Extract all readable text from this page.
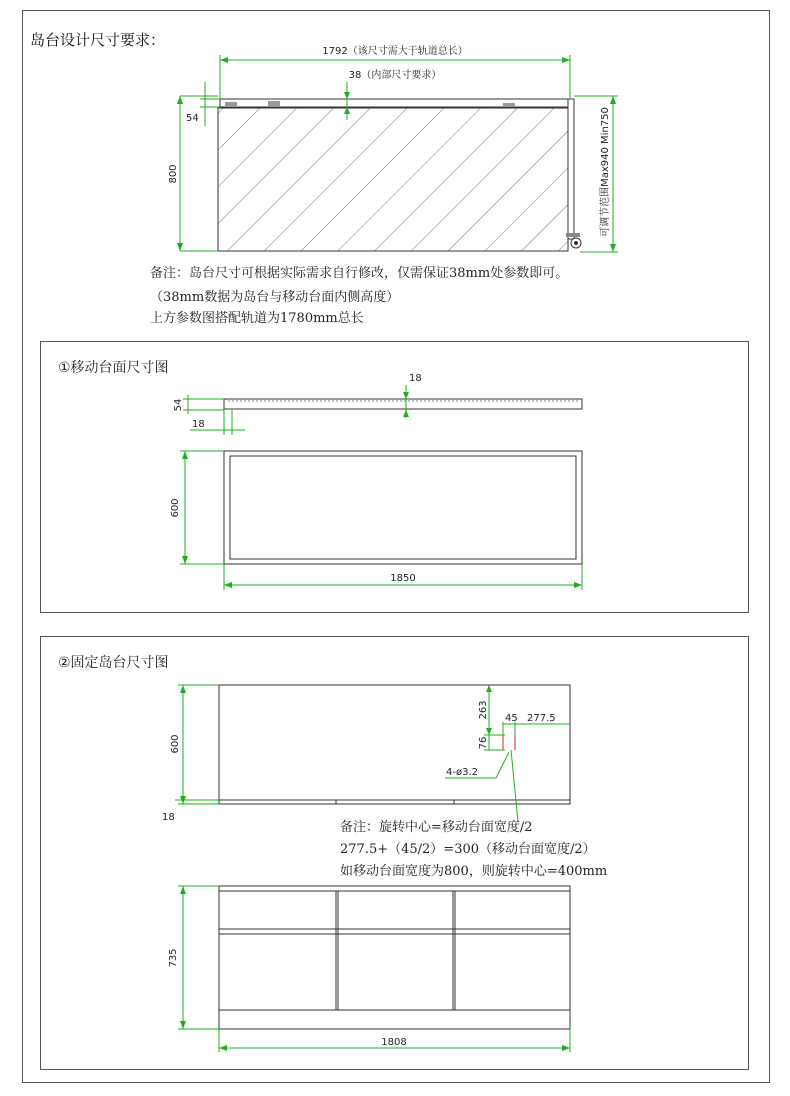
岛台设计尺寸要求：
1792（该尺寸需大于轨道总长）
38（内部尺寸要求）
54
800	可调节范围Max940 Min750
备注：岛台尺寸可根据实际需求自行修改，仅需保证38mm处参数即可。
（38mm数据为岛台与移动台面内侧高度）
上方参数图搭配轨道为1780mm总长
①移动台面尺寸图
18
54
18
600
1850
②固定岛台尺寸图
600
18
263 45 277.5
76
4-ø3.2
735
1808
备注：旋转中心=移动台面宽度/2
277.5+（45/2）=300（移动台面宽度/2）
如移动台面宽度为800，则旋转中心=400mm
